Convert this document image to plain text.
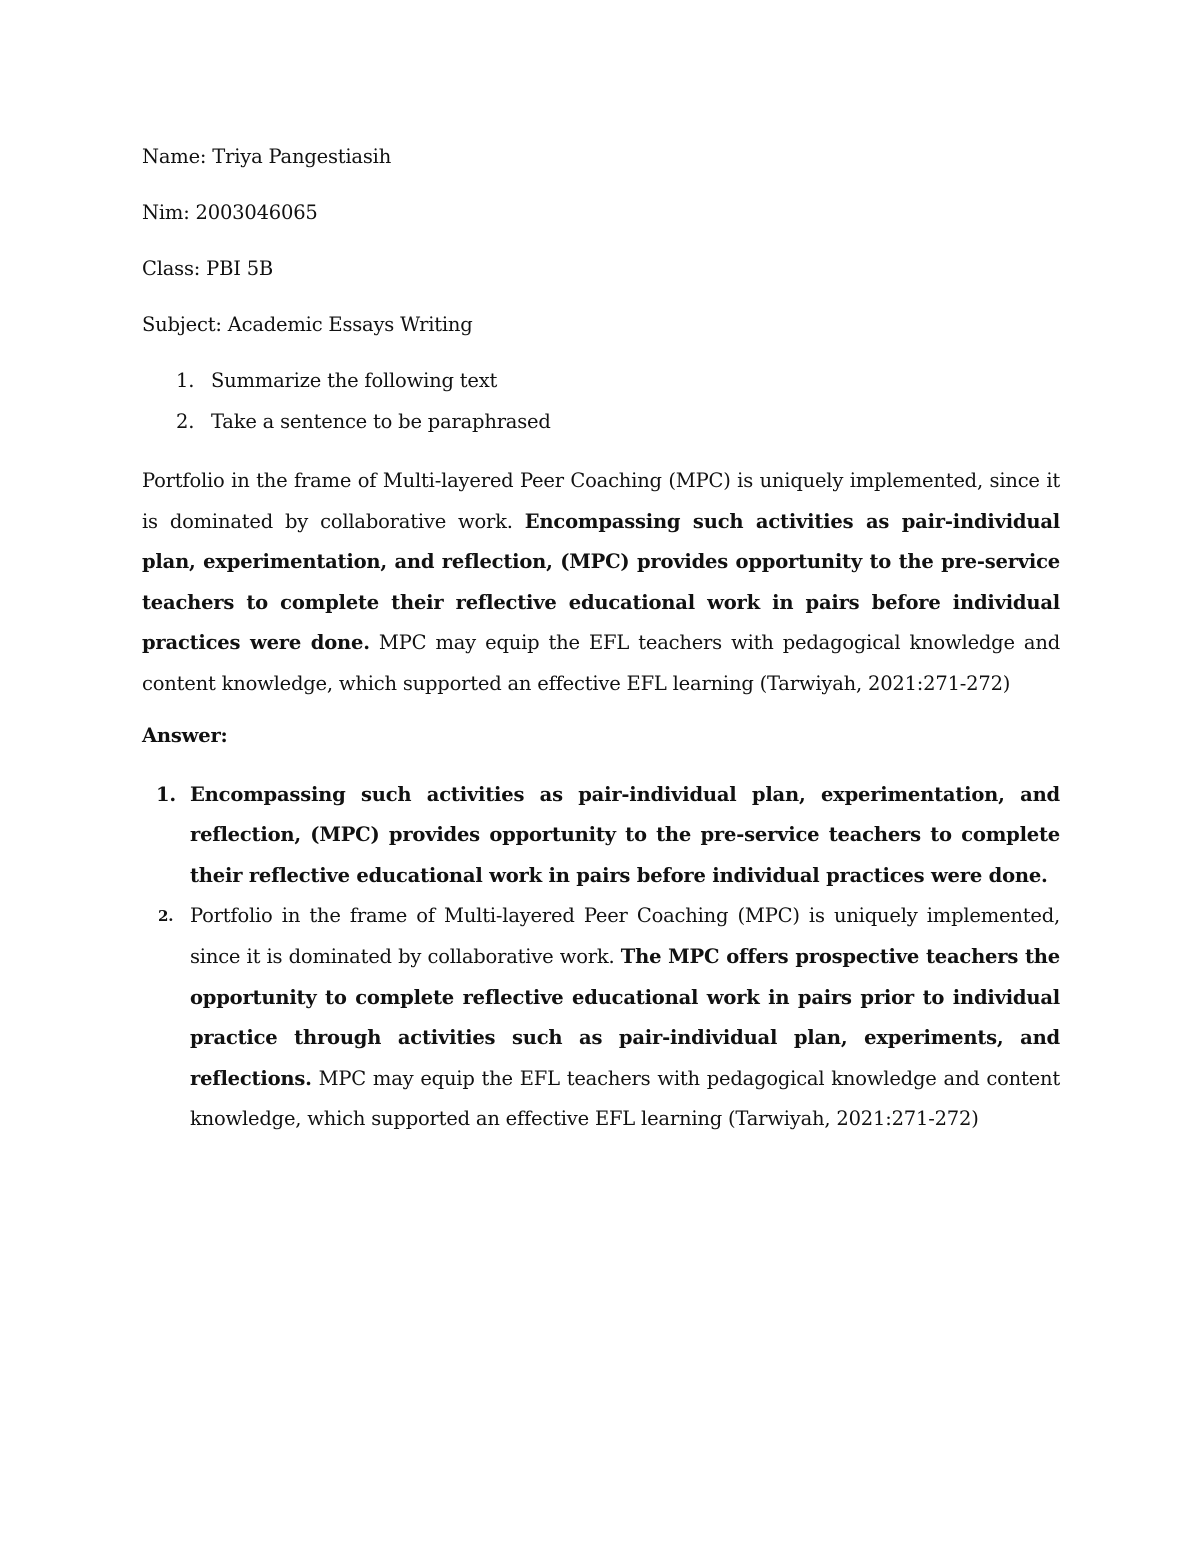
Name: Triya Pangestiasih

Nim: 2003046065

Class: PBI 5B

Subject: Academic Essays Writing

1. Summarize the following text
2. Take a sentence to be paraphrased

Portfolio in the frame of Multi-layered Peer Coaching (MPC) is uniquely implemented, since it is dominated by collaborative work. Encompassing such activities as pair-individual plan, experimentation, and reflection, (MPC) provides opportunity to the pre-service teachers to complete their reflective educational work in pairs before individual practices were done. MPC may equip the EFL teachers with pedagogical knowledge and content knowledge, which supported an effective EFL learning (Tarwiyah, 2021:271-272)

Answer:

1. Encompassing such activities as pair-individual plan, experimentation, and reflection, (MPC) provides opportunity to the pre-service teachers to complete their reflective educational work in pairs before individual practices were done.
2. Portfolio in the frame of Multi-layered Peer Coaching (MPC) is uniquely implemented, since it is dominated by collaborative work. The MPC offers prospective teachers the opportunity to complete reflective educational work in pairs prior to individual practice through activities such as pair-individual plan, experiments, and reflections. MPC may equip the EFL teachers with pedagogical knowledge and content knowledge, which supported an effective EFL learning (Tarwiyah, 2021:271-272)
